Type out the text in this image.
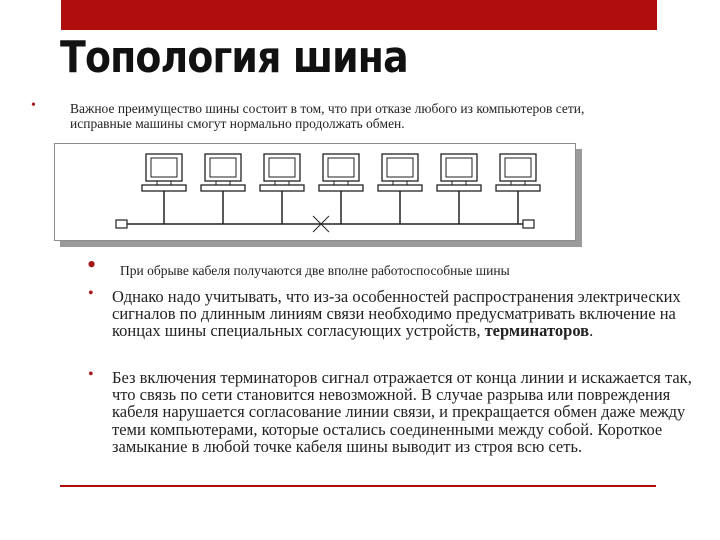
Топология шина
•	Важное преимущество шины состоит в том, что при отказе любого из компьютеров сети, исправные машины смогут нормально продолжать обмен.
• При обрыве кабеля получаются две вполне работоспособные шины
• Однако надо учитывать, что из-за особенностей распространения электрических сигналов по длинным линиям связи необходимо предусматривать включение на концах шины специальных согласующих устройств, терминаторов.
• Без включения терминаторов сигнал отражается от конца линии и искажается так, что связь по сети становится невозможной. В случае разрыва или повреждения кабеля нарушается согласование линии связи, и прекращается обмен даже между теми компьютерами, которые остались соединенными между собой. Короткое замыкание в любой точке кабеля шины выводит из строя всю сеть.
